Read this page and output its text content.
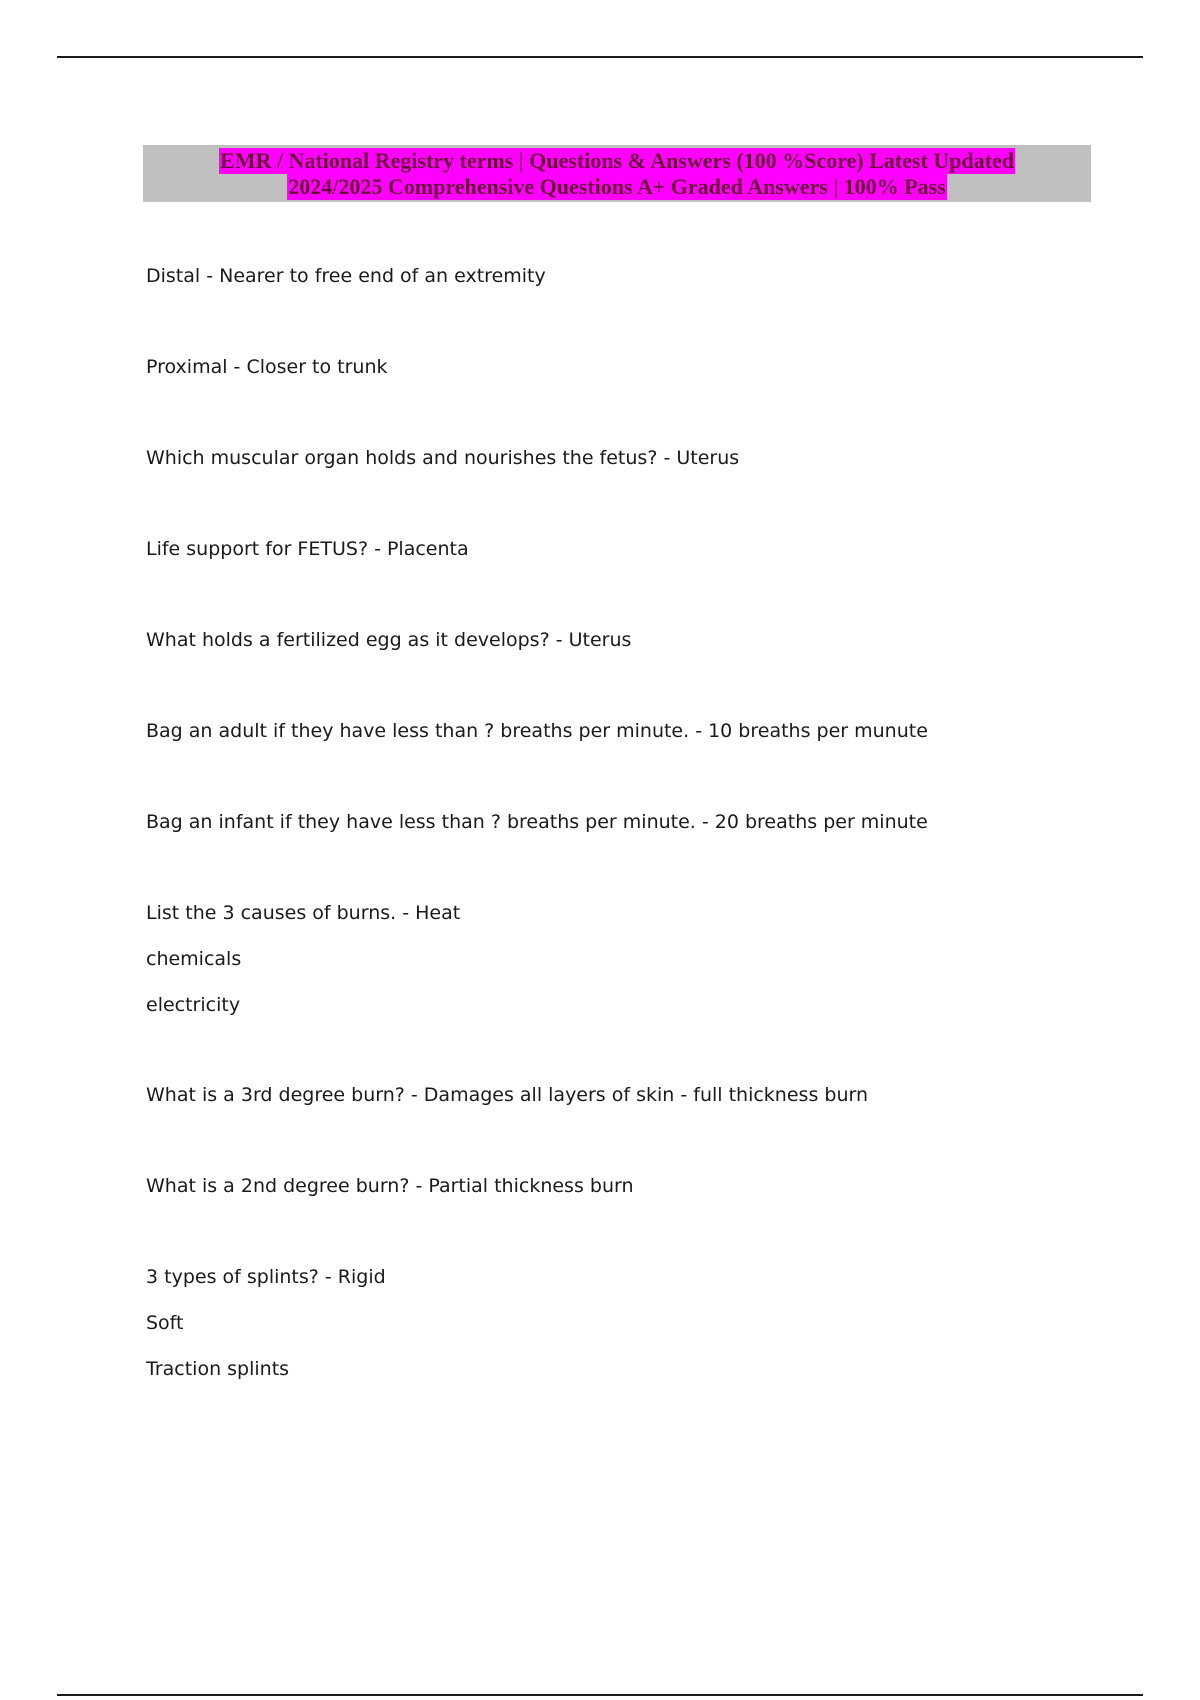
EMR / National Registry terms | Questions & Answers (100 %Score) Latest Updated
2024/2025 Comprehensive Questions A+ Graded Answers | 100% Pass
Distal - Nearer to free end of an extremity
Proximal - Closer to trunk
Which muscular organ holds and nourishes the fetus? - Uterus
Life support for FETUS? - Placenta
What holds a fertilized egg as it develops? - Uterus
Bag an adult if they have less than ? breaths per minute. - 10 breaths per munute
Bag an infant if they have less than ? breaths per minute. - 20 breaths per minute
List the 3 causes of burns. - Heat
chemicals
electricity
What is a 3rd degree burn? - Damages all layers of skin - full thickness burn
What is a 2nd degree burn? - Partial thickness burn
3 types of splints? - Rigid
Soft
Traction splints
